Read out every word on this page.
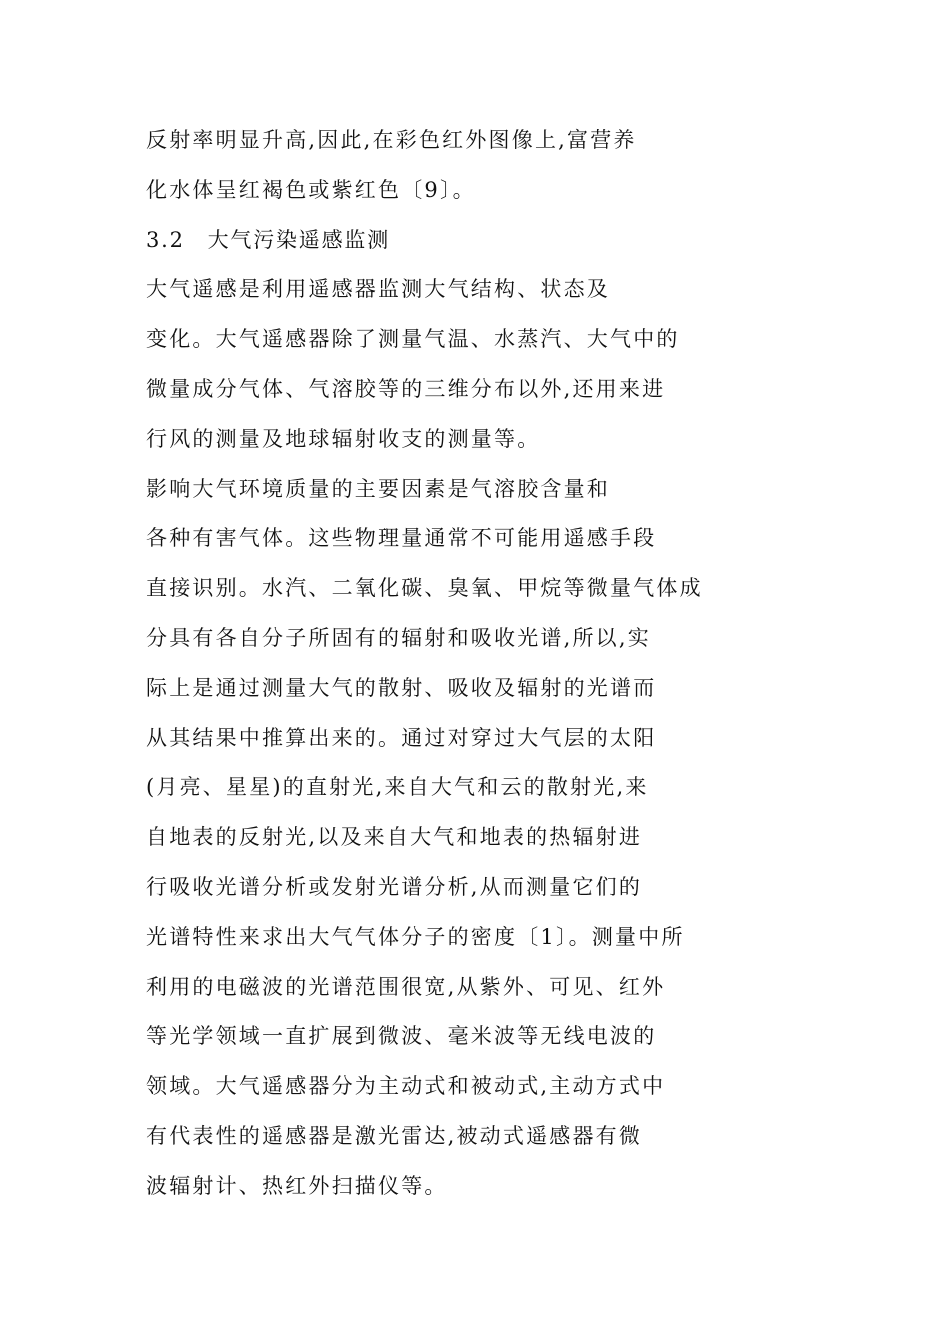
反射率明显升高,因此,在彩色红外图像上,富营养

化水体呈红褐色或紫红色〔9〕。

3.2　大气污染遥感监测

大气遥感是利用遥感器监测大气结构、状态及

变化。大气遥感器除了测量气温、水蒸汽、大气中的

微量成分气体、气溶胶等的三维分布以外,还用来进

行风的测量及地球辐射收支的测量等。

影响大气环境质量的主要因素是气溶胶含量和

各种有害气体。这些物理量通常不可能用遥感手段

直接识别。水汽、二氧化碳、臭氧、甲烷等微量气体成

分具有各自分子所固有的辐射和吸收光谱,所以,实

际上是通过测量大气的散射、吸收及辐射的光谱而

从其结果中推算出来的。通过对穿过大气层的太阳

(月亮、星星)的直射光,来自大气和云的散射光,来

自地表的反射光,以及来自大气和地表的热辐射进

行吸收光谱分析或发射光谱分析,从而测量它们的

光谱特性来求出大气气体分子的密度〔1〕。测量中所

利用的电磁波的光谱范围很宽,从紫外、可见、红外

等光学领域一直扩展到微波、毫米波等无线电波的

领域。大气遥感器分为主动式和被动式,主动方式中

有代表性的遥感器是激光雷达,被动式遥感器有微

波辐射计、热红外扫描仪等。
